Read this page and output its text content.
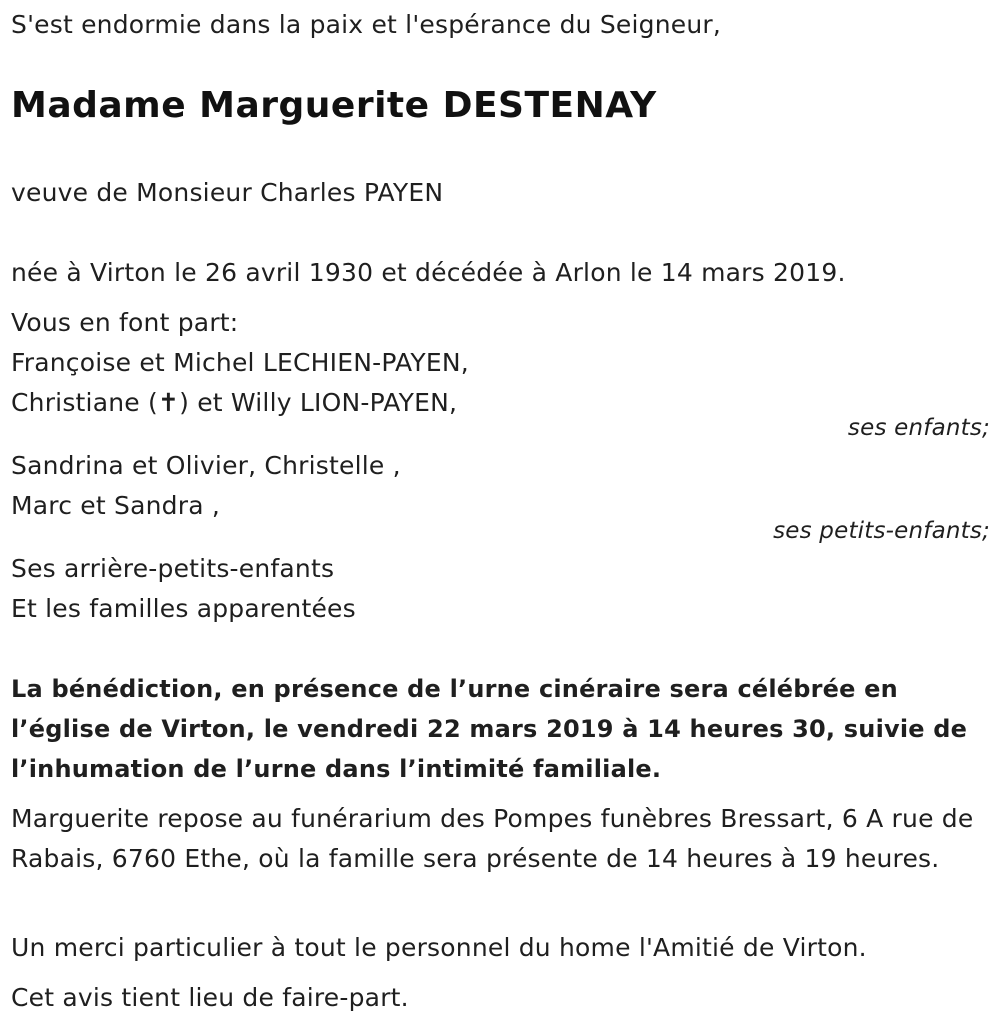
S'est endormie dans la paix et l'espérance du Seigneur,
Madame Marguerite DESTENAY
veuve de Monsieur Charles PAYEN
née à Virton le 26 avril 1930 et décédée à Arlon le 14 mars 2019.
Vous en font part:
Françoise et Michel LECHIEN-PAYEN,
Christiane (✝) et Willy LION-PAYEN,
ses enfants;
Sandrina et Olivier, Christelle ,
Marc et Sandra ,
ses petits-enfants;
Ses arrière-petits-enfants
Et les familles apparentées
La bénédiction, en présence de l’urne cinéraire sera célébrée en l’église de Virton, le vendredi 22 mars 2019 à 14 heures 30, suivie de l’inhumation de l’urne dans l’intimité familiale.
Marguerite repose au funérarium des Pompes funèbres Bressart, 6 A rue de Rabais, 6760 Ethe, où la famille sera présente de 14 heures à 19 heures.
Un merci particulier à tout le personnel du home l'Amitié de Virton.
Cet avis tient lieu de faire-part.
